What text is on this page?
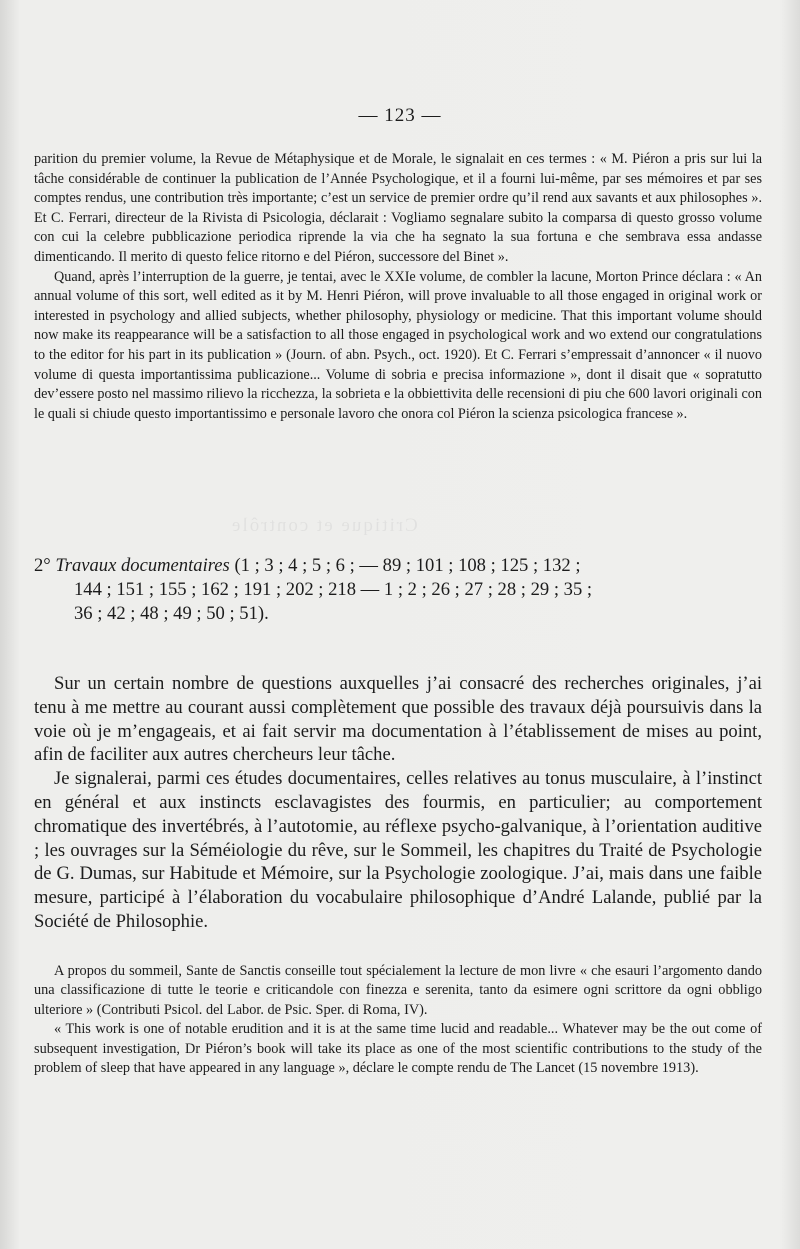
Critique et contrôle
— 123 —

parition du premier volume, la Revue de Métaphysique et de Morale, le signalait en ces termes : « M. Piéron a pris sur lui la tâche considérable de continuer la publication de l’Année Psychologique, et il a fourni lui-même, par ses mémoires et par ses comptes rendus, une contribution très importante; c’est un service de premier ordre qu’il rend aux savants et aux philosophes ». Et C. Ferrari, directeur de la Rivista di Psicologia, déclarait : Vogliamo segnalare subito la comparsa di questo grosso volume con cui la celebre pubblicazione periodica riprende la via che ha segnato la sua fortuna e che sembrava essa andasse dimenticando. Il merito di questo felice ritorno e del Piéron, successore del Binet ».

Quand, après l’interruption de la guerre, je tentai, avec le XXIe volume, de combler la lacune, Morton Prince déclara : « An annual volume of this sort, well edited as it by M. Henri Piéron, will prove invaluable to all those engaged in original work or interested in psychology and allied subjects, whether philosophy, physiology or medicine. That this important volume should now make its reappearance will be a satisfaction to all those engaged in psychological work and wo extend our congratulations to the editor for his part in its publication » (Journ. of abn. Psych., oct. 1920). Et C. Ferrari s’empressait d’annoncer « il nuovo volume di questa importantissima publicazione... Volume di sobria e precisa informazione », dont il disait que « sopratutto dev’essere posto nel massimo rilievo la ricchezza, la sobrieta e la obbiettivita delle recensioni di piu che 600 lavori originali con le quali si chiude questo importantissimo e personale lavoro che onora col Piéron la scienza psicologica francese ».

2° Travaux documentaires (1 ; 3 ; 4 ; 5 ; 6 ; — 89 ; 101 ; 108 ; 125 ; 132 ;
144 ; 151 ; 155 ; 162 ; 191 ; 202 ; 218 — 1 ; 2 ; 26 ; 27 ; 28 ; 29 ; 35 ;
36 ; 42 ; 48 ; 49 ; 50 ; 51).

Sur un certain nombre de questions auxquelles j’ai consacré des recherches originales, j’ai tenu à me mettre au courant aussi complètement que possible des travaux déjà poursuivis dans la voie où je m’engageais, et ai fait servir ma documentation à l’établissement de mises au point, afin de faciliter aux autres chercheurs leur tâche.

Je signalerai, parmi ces études documentaires, celles relatives au tonus musculaire, à l’instinct en général et aux instincts esclavagistes des fourmis, en particulier; au comportement chromatique des invertébrés, à l’autotomie, au réflexe psycho-galvanique, à l’orientation auditive ; les ouvrages sur la Séméiologie du rêve, sur le Sommeil, les chapitres du Traité de Psychologie de G. Dumas, sur Habitude et Mémoire, sur la Psychologie zoologique. J’ai, mais dans une faible mesure, participé à l’élaboration du vocabulaire philosophique d’André Lalande, publié par la Société de Philosophie.

A propos du sommeil, Sante de Sanctis conseille tout spécialement la lecture de mon livre « che esauri l’argomento dando una classificazione di tutte le teorie e criticandole con finezza e serenita, tanto da esimere ogni scrittore da ogni obbligo ulteriore » (Contributi Psicol. del Labor. de Psic. Sper. di Roma, IV).

« This work is one of notable erudition and it is at the same time lucid and readable... Whatever may be the out come of subsequent investigation, Dr Piéron’s book will take its place as one of the most scientific contributions to the study of the problem of sleep that have appeared in any language », déclare le compte rendu de The Lancet (15 novembre 1913).
